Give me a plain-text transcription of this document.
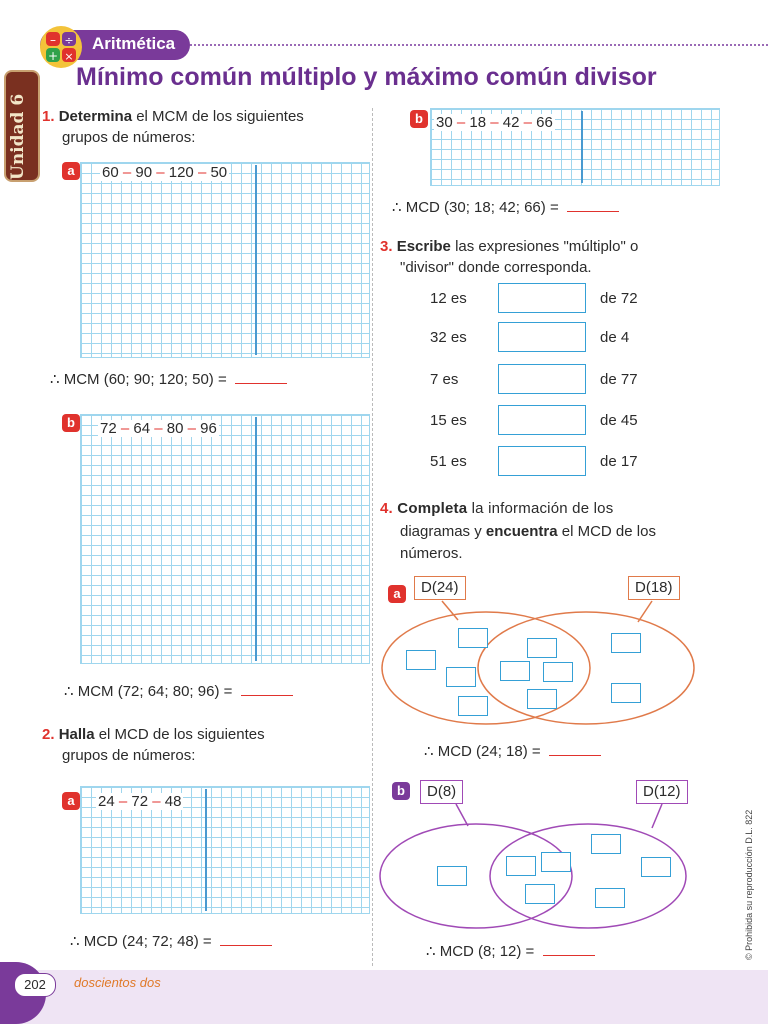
– ÷
+ ×
Aritmética
Mínimo común múltiplo y máximo común divisor
Unidad 6 1. Determina el MCM de los siguientes
grupos de números:
a	60 – 90 – 120 – 50
∴ MCM (60; 90; 120; 50) =
b	72 – 64 – 80 – 96
∴ MCM (72; 64; 80; 96) =
2. Halla el MCD de los siguientes
grupos de números:
a	24 – 72 – 48
∴ MCD (24; 72; 48) =
b 30 – 18 – 42 – 66
∴ MCD (30; 18; 42; 66) =
3. Escribe las expresiones "múltiplo" o
"divisor" donde corresponda.
12 es	de 72
32 es	de 4
7 es	de 77
15 es	de 45
51 es	de 17
4. Completa la información de los
diagramas y encuentra el MCD de los
números.
a	D(24)	D(18)
∴ MCD (24; 18) =
b	D(8)	D(12)
∴ MCD (8; 12) =	© Prohibida su reproducción D.L. 822
202	doscientos dos
